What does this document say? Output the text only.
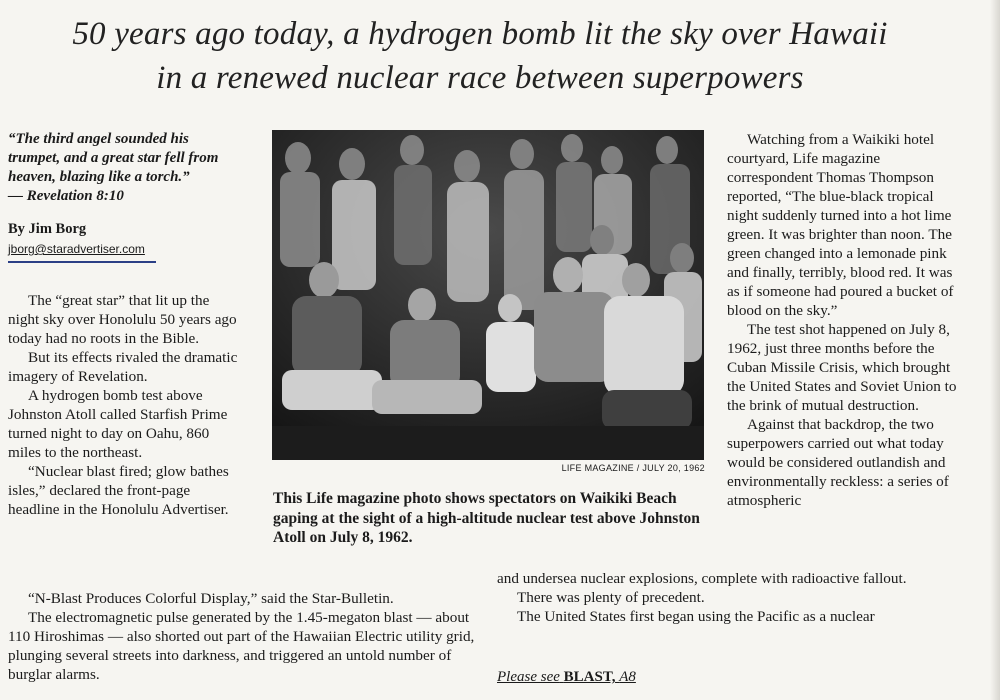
50 years ago today, a hydrogen bomb lit the sky over Hawaii
in a renewed nuclear race between superpowers
“The third angel sounded his trumpet, and a great star fell from heaven, blazing like a torch.”
— Revelation 8:10
By Jim Borg
jborg@staradvertiser.com

The “great star” that lit up the night sky over Honolulu 50 years ago today had no roots in the Bible.

But its effects rivaled the dramatic imagery of Revelation.

A hydrogen bomb test above Johnston Atoll called Starfish Prime turned night to day on Oahu, 860 miles to the northeast.

“Nuclear blast fired; glow bathes isles,” declared the front-page headline in the Honolulu Advertiser.

“N-Blast Produces Colorful Display,” said the Star-Bulletin.

The electromagnetic pulse generated by the 1.45-megaton blast — about 110 Hiroshimas — also shorted out part of the Hawaiian Electric utility grid, plunging several streets into darkness, and triggered an untold number of burglar alarms.

LIFE MAGAZINE / JULY 20, 1962
This Life magazine photo shows spectators on Waikiki Beach gaping at the sight of a high-altitude nuclear test above Johnston Atoll on July 8, 1962.

Watching from a Waikiki hotel courtyard, Life magazine correspondent Thomas Thompson reported, “The blue-black tropical night suddenly turned into a hot lime green. It was brighter than noon. The green changed into a lemonade pink and finally, terribly, blood red. It was as if someone had poured a bucket of blood on the sky.”

The test shot happened on July 8, 1962, just three months before the Cuban Missile Crisis, which brought the United States and Soviet Union to the brink of mutual destruction.

Against that backdrop, the two superpowers carried out what today would be considered outlandish and environmentally reckless: a series of atmospheric

and undersea nuclear explosions, complete with radioactive fallout.

There was plenty of precedent.

The United States first began using the Pacific as a nuclear

Please see BLAST, A8
